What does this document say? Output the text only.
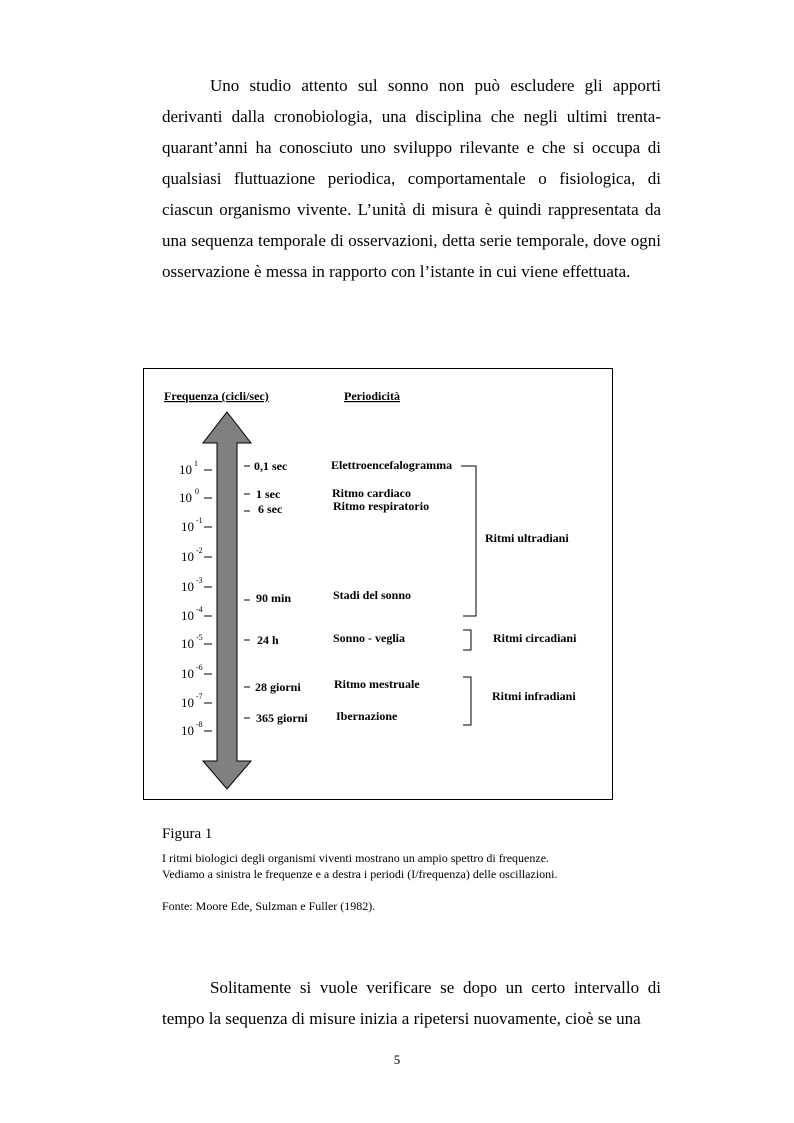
Uno studio attento sul sonno non può escludere gli apporti derivanti dalla cronobiologia, una disciplina che negli ultimi trenta-quarant’anni ha conosciuto uno sviluppo rilevante e che si occupa di qualsiasi fluttuazione periodica, comportamentale o fisiologica, di ciascun organismo vivente. L’unità di misura è quindi rappresentata da una sequenza temporale di osservazioni, detta serie temporale, dove ogni osservazione è messa in rapporto con l’istante in cui viene effettuata.

Frequenza (cicli/sec)	Periodicità
10 1
10 0
10 -1
10 -2
10 -3
10 -4
10 -5
10 -6
10 -7
10 -8
0,1 sec
1 sec
6 sec
90 min
24 h
28 giorni
365 giorni
Elettroencefalogramma
Ritmo cardiaco
Ritmo respiratorio
Stadi del sonno
Sonno - veglia
Ritmo mestruale
Ibernazione
Ritmi ultradiani
Ritmi circadiani
Ritmi infradiani

Figura 1

I ritmi biologici degli organismi viventi mostrano un ampio spettro di frequenze.

Vediamo a sinistra le frequenze e a destra i periodi (I/frequenza) delle oscillazioni.

Fonte: Moore Ede, Sulzman e Fuller (1982).

Solitamente si vuole verificare se dopo un certo intervallo di tempo la sequenza di misure inizia a ripetersi nuovamente, cioè se una

5
